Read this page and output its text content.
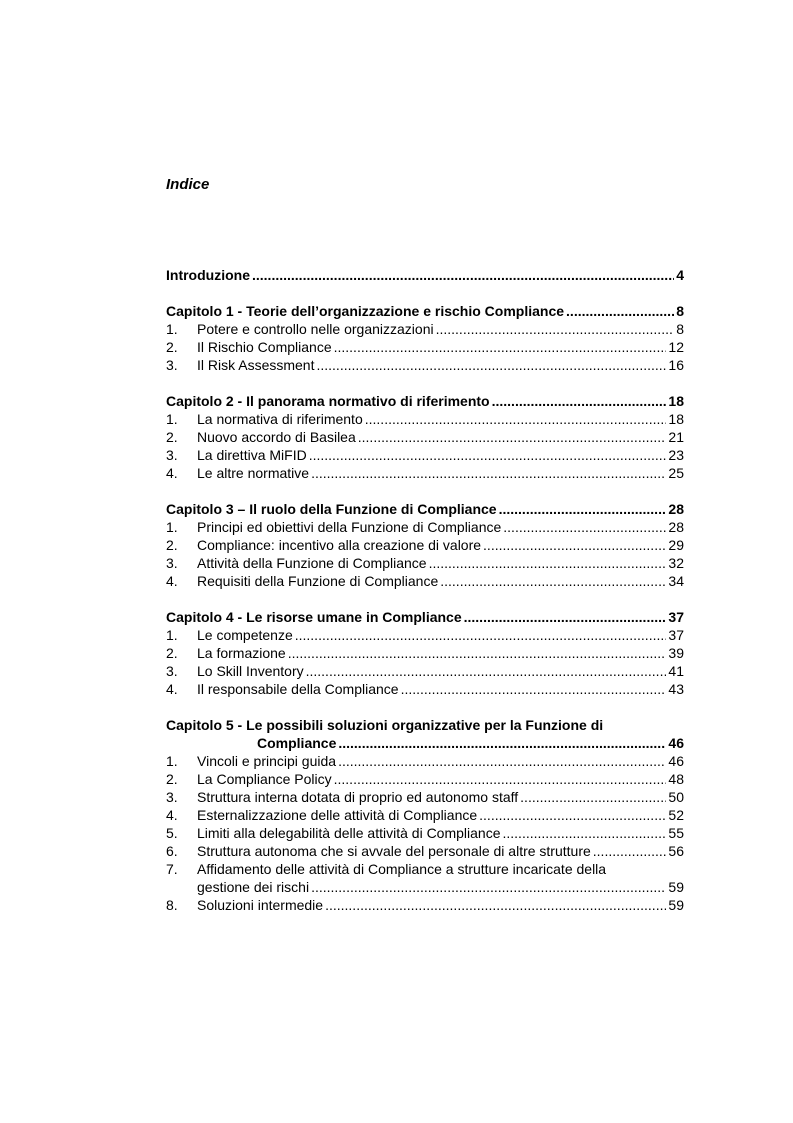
Indice
Introduzione .....	4
Capitolo 1 - Teorie dell’organizzazione e rischio Compliance .....	8
1.	Potere e controllo nelle organizzazioni .....	8
2.	Il Rischio Compliance .....	12
3.	Il Risk Assessment .....	16
Capitolo 2 - Il panorama normativo di riferimento .....	18
1.	La normativa di riferimento .....	18
2.	Nuovo accordo di Basilea .....	21
3.	La direttiva MiFID .....	23
4.	Le altre normative .....	25
Capitolo 3 – Il ruolo della Funzione di Compliance .....	28
1.	Principi ed obiettivi della Funzione di Compliance .....	28
2.	Compliance: incentivo alla creazione di valore .....	29
3.	Attività della Funzione di Compliance .....	32
4.	Requisiti della Funzione di Compliance .....	34
Capitolo 4 - Le risorse umane in Compliance .....	37
1.	Le competenze .....	37
2.	La formazione .....	39
3.	Lo Skill Inventory .....	41
4.	Il responsabile della Compliance .....	43
Capitolo 5 - Le possibili soluzioni organizzative per la Funzione di
Compliance .....	46
1.	Vincoli e principi guida .....	46
2.	La Compliance Policy .....	48
3.	Struttura interna dotata di proprio ed autonomo staff .....	50
4.	Esternalizzazione delle attività di Compliance .....	52
5.	Limiti alla delegabilità delle attività di Compliance .....	55
6.	Struttura autonoma che si avvale del personale di altre strutture .....	56
7.	Affidamento delle attività di Compliance a strutture incaricate della
gestione dei rischi .....	59
8.	Soluzioni intermedie .....	59
